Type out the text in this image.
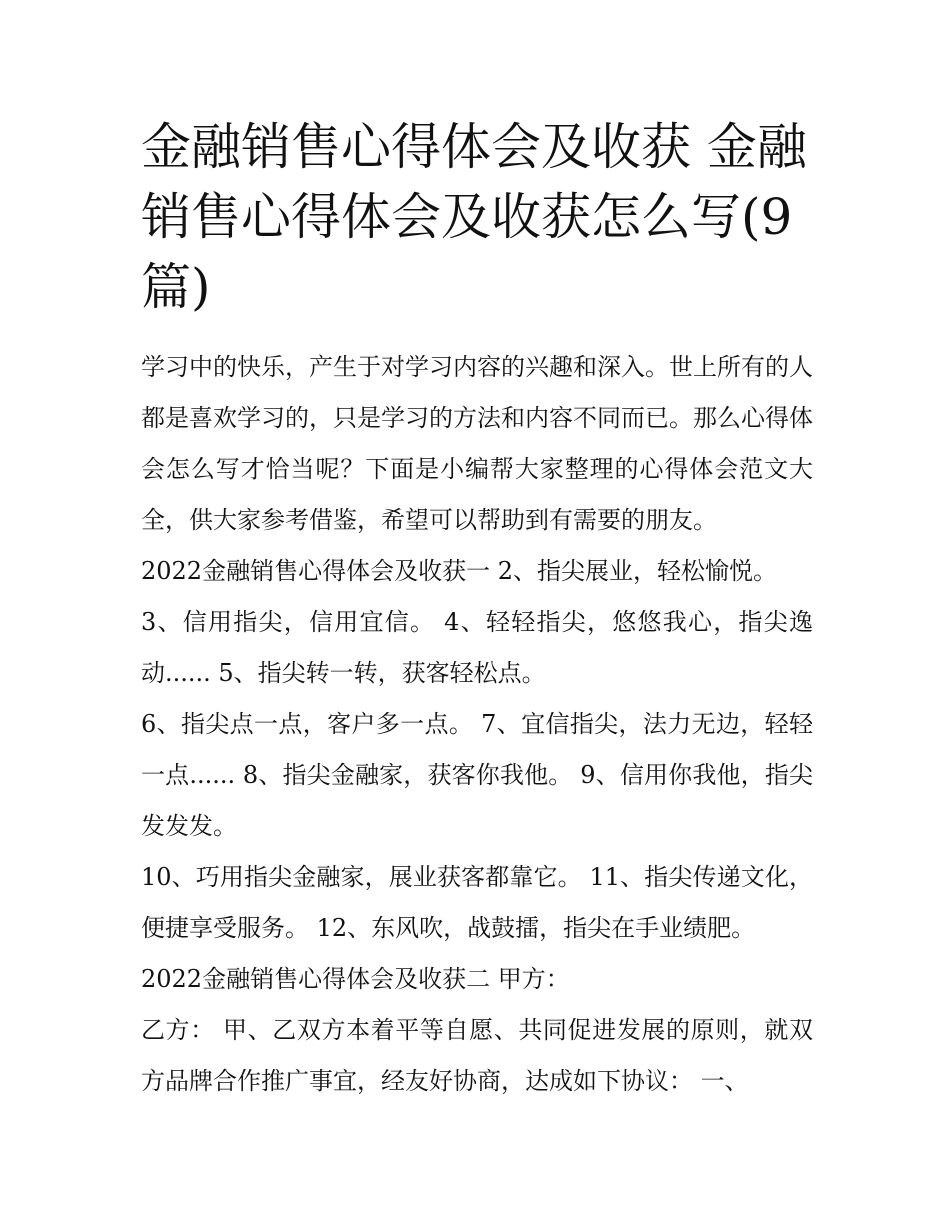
金融销售心得体会及收获 金融销售心得体会及收获怎么写(9篇)

学习中的快乐，产生于对学习内容的兴趣和深入。世上所有的人都是喜欢学习的，只是学习的方法和内容不同而已。那么心得体会怎么写才恰当呢？下面是小编帮大家整理的心得体会范文大全，供大家参考借鉴，希望可以帮助到有需要的朋友。

2022金融销售心得体会及收获一 2、指尖展业，轻松愉悦。

3、信用指尖，信用宜信。 4、轻轻指尖，悠悠我心，指尖逸动...... 5、指尖转一转，获客轻松点。

6、指尖点一点，客户多一点。 7、宜信指尖，法力无边，轻轻一点...... 8、指尖金融家，获客你我他。 9、信用你我他，指尖发发发。

10、巧用指尖金融家，展业获客都靠它。 11、指尖传递文化，便捷享受服务。 12、东风吹，战鼓擂，指尖在手业绩肥。

2022金融销售心得体会及收获二 甲方：

乙方： 甲、乙双方本着平等自愿、共同促进发展的原则，就双方品牌合作推广事宜，经友好协商，达成如下协议： 一、
